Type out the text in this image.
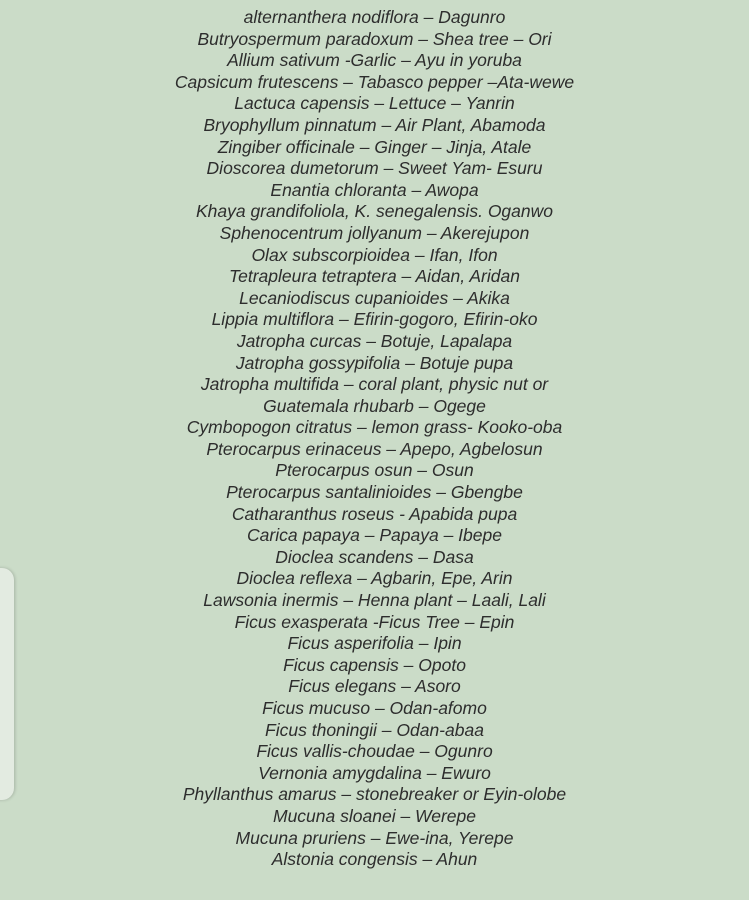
alternanthera nodiflora – Dagunro
Butryospermum paradoxum – Shea tree – Ori
Allium sativum -Garlic – Ayu in yoruba
Capsicum frutescens – Tabasco pepper –Ata-wewe
Lactuca capensis – Lettuce – Yanrin
Bryophyllum pinnatum – Air Plant, Abamoda
Zingiber officinale – Ginger – Jinja, Atale
Dioscorea dumetorum – Sweet Yam- Esuru
Enantia chloranta – Awopa
Khaya grandifoliola, K. senegalensis. Oganwo
Sphenocentrum jollyanum – Akerejupon
Olax subscorpioidea – Ifan, Ifon
Tetrapleura tetraptera – Aidan, Aridan
Lecaniodiscus cupanioides – Akika
Lippia multiflora – Efirin-gogoro, Efirin-oko
Jatropha curcas – Botuje, Lapalapa
Jatropha gossypifolia – Botuje pupa
Jatropha multifida – coral plant, physic nut or
Guatemala rhubarb – Ogege
Cymbopogon citratus – lemon grass- Kooko-oba
Pterocarpus erinaceus – Apepo, Agbelosun
Pterocarpus osun – Osun
Pterocarpus santalinioides – Gbengbe
Catharanthus roseus - Apabida pupa
Carica papaya – Papaya – Ibepe
Dioclea scandens – Dasa
Dioclea reflexa – Agbarin, Epe, Arin
Lawsonia inermis – Henna plant – Laali, Lali
Ficus exasperata -Ficus Tree – Epin
Ficus asperifolia – Ipin
Ficus capensis – Opoto
Ficus elegans – Asoro
Ficus mucuso – Odan-afomo
Ficus thoningii – Odan-abaa
Ficus vallis-choudae – Ogunro
Vernonia amygdalina – Ewuro
Phyllanthus amarus – stonebreaker or Eyin-olobe
Mucuna sloanei – Werepe
Mucuna pruriens – Ewe-ina, Yerepe
Alstonia congensis – Ahun
